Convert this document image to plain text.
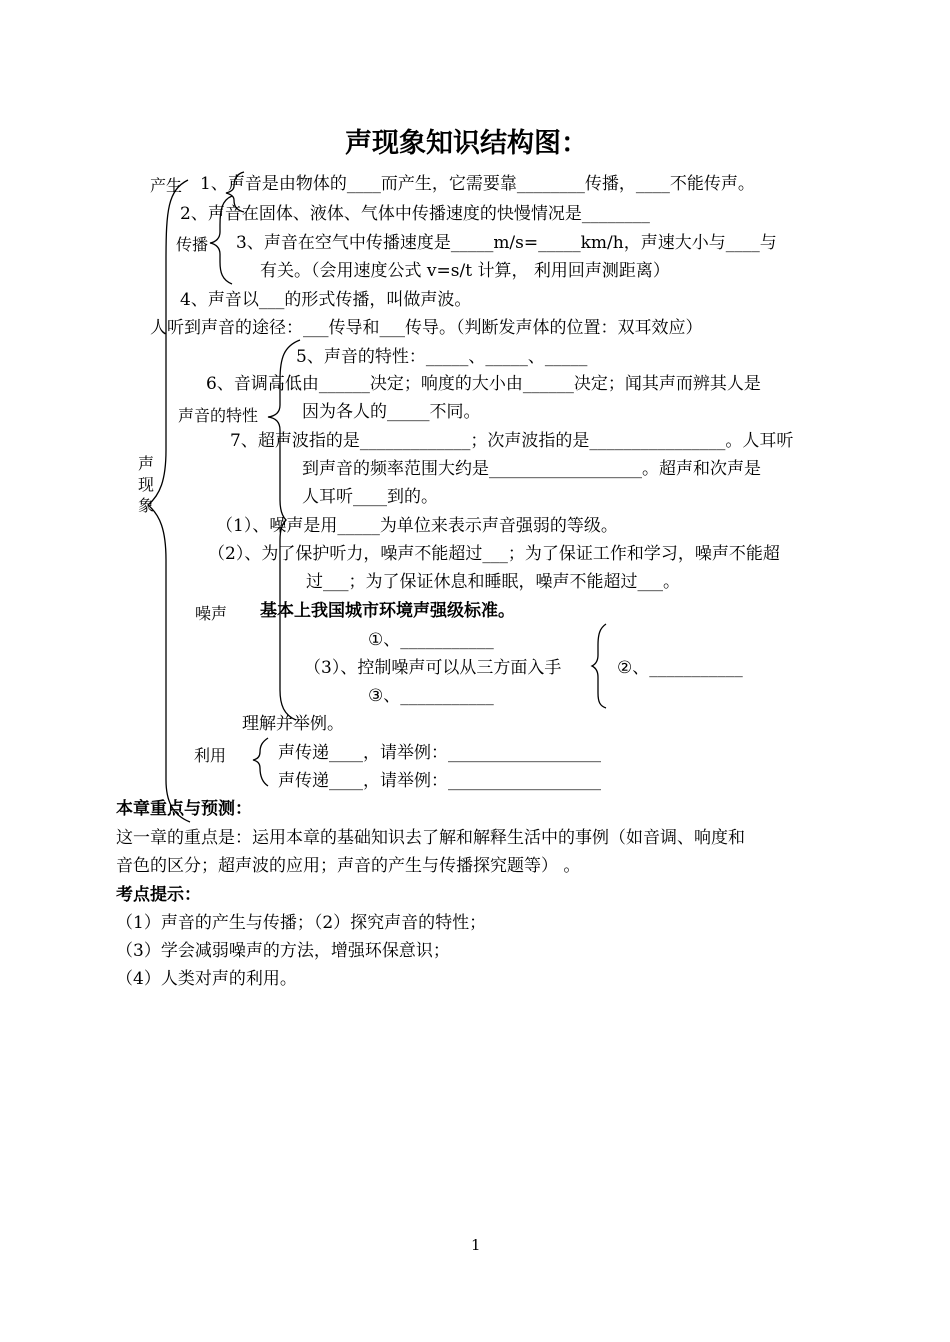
声现象知识结构图：
产生 1、声音是由物体的____而产生，它需要靠________传播，____不能传声。
2、声音在固体、液体、气体中传播速度的快慢情况是________
传播 3、声音在空气中传播速度是_____m/s=_____km/h，声速大小与____与
有关。（会用速度公式 v=s/t 计算， 利用回声测距离）
4、声音以___的形式传播，叫做声波。
人听到声音的途径：___传导和___传导。（判断发声体的位置：双耳效应）
5、声音的特性：_____、_____、_____
6、音调高低由______决定；响度的大小由______决定；闻其声而辨其人是
声音的特性	因为各人的_____不同。
7、超声波指的是_____________；次声波指的是________________。人耳听
到声音的频率范围大约是__________________。超声和次声是
人耳听____到的。
声
现
象
（1）、噪声是用_____为单位来表示声音强弱的等级。
（2）、为了保护听力，噪声不能超过___；为了保证工作和学习，噪声不能超
过___；为了保证休息和睡眠，噪声不能超过___。
噪声 基本上我国城市环境声强级标准。
①、___________
（3）、控制噪声可以从三方面入手	②、___________
③、___________
理解并举例。
利用	声传递____，请举例：__________________
声传递____，请举例：__________________
本章重点与预测：
这一章的重点是：运用本章的基础知识去了解和解释生活中的事例（如音调、响度和
音色的区分；超声波的应用；声音的产生与传播探究题等） 。
考点提示：
（1）声音的产生与传播；（2）探究声音的特性；
（3）学会减弱噪声的方法，增强环保意识；
（4）人类对声的利用。
1
